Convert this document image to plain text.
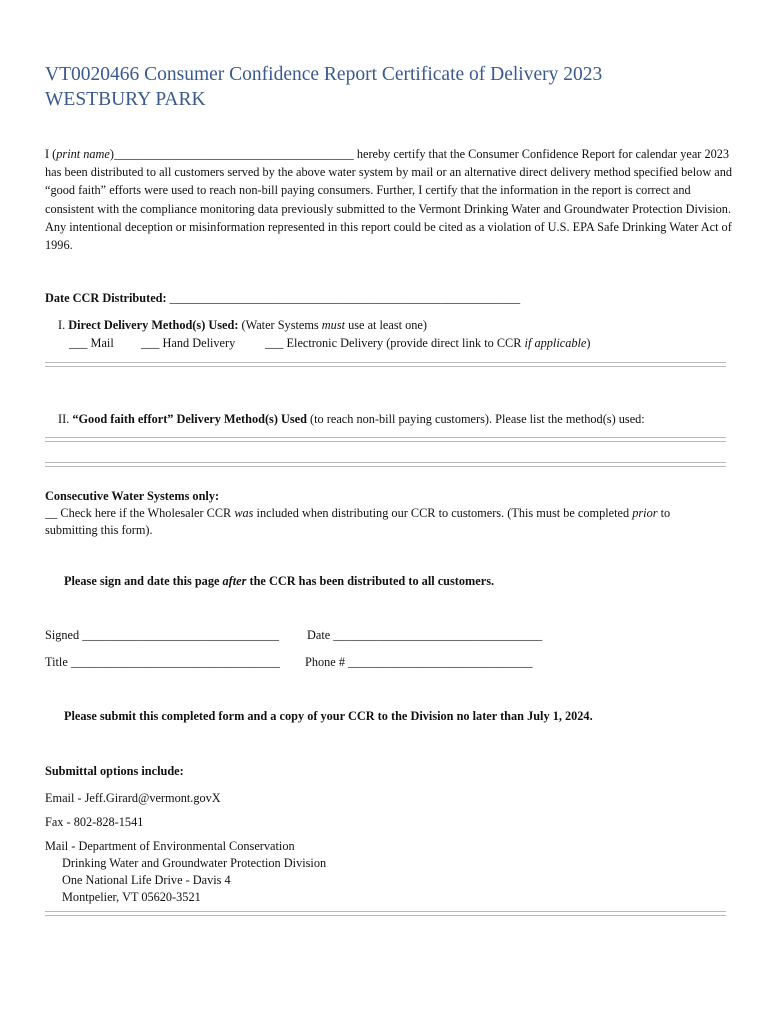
VT0020466 Consumer Confidence Report Certificate of Delivery 2023
WESTBURY PARK

I (print name)_______________________________________ hereby certify that the Consumer Confidence Report for calendar year 2023 has been distributed to all customers served by the above water system by mail or an alternative direct delivery method specified below and “good faith” efforts were used to reach non-bill paying consumers. Further, I certify that the information in the report is correct and consistent with the compliance monitoring data previously submitted to the Vermont Drinking Water and Groundwater Protection Division. Any intentional deception or misinformation represented in this report could be cited as a violation of U.S. EPA Safe Drinking Water Act of 1996.

Date CCR Distributed: _________________________________________________________
I. Direct Delivery Method(s) Used: (Water Systems must use at least one)
___ Mail ___ Hand Delivery ___ Electronic Delivery (provide direct link to CCR if applicable)
II. “Good faith effort” Delivery Method(s) Used (to reach non-bill paying customers). Please list the method(s) used:
Consecutive Water Systems only:
__ Check here if the Wholesaler CCR was included when distributing our CCR to customers. (This must be completed prior to
submitting this form).
Please sign and date this page after the CCR has been distributed to all customers.
Signed ________________________________ Date __________________________________
Title __________________________________ Phone # ______________________________
Please submit this completed form and a copy of your CCR to the Division no later than July 1, 2024.
Submittal options include:
Email - Jeff.Girard@vermont.govX
Fax - 802-828-1541
Mail - Department of Environmental Conservation
Drinking Water and Groundwater Protection Division
One National Life Drive - Davis 4
Montpelier, VT 05620-3521
